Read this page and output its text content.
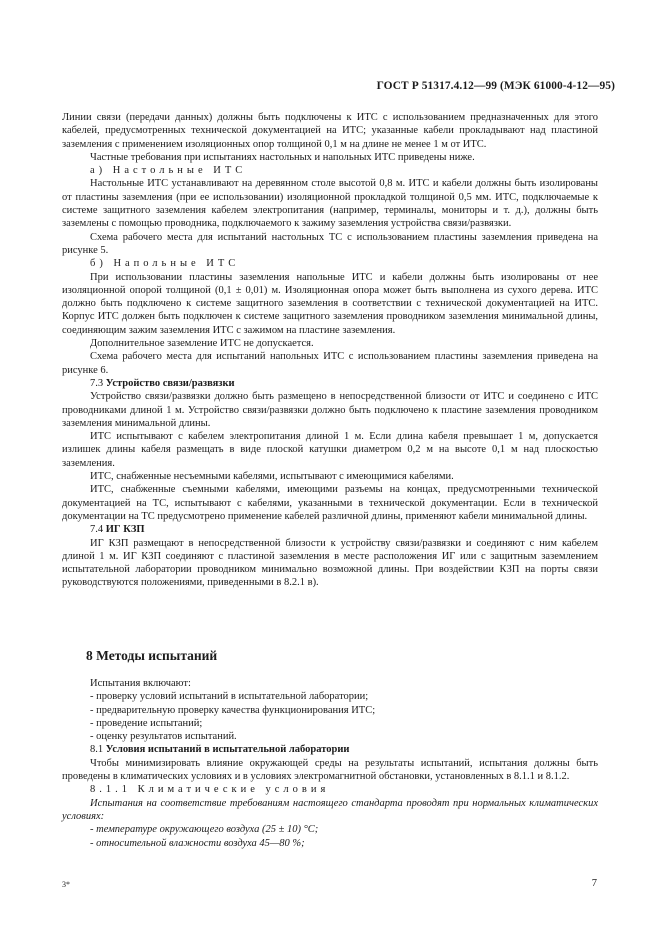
ГОСТ Р 51317.4.12—99 (МЭК 61000-4-12—95)

Линии связи (передачи данных) должны быть подключены к ИТС с использованием предназначенных для этого кабелей, предусмотренных технической документацией на ИТС; указанные кабели прокладывают над пластиной заземления с применением изоляционных опор толщиной 0,1 м на длине не менее 1 м от ИТС.

Частные требования при испытаниях настольных и напольных ИТС приведены ниже.

а) Настольные ИТС

Настольные ИТС устанавливают на деревянном столе высотой 0,8 м. ИТС и кабели должны быть изолированы от пластины заземления (при ее использовании) изоляционной прокладкой толщиной 0,5 мм. ИТС, подключаемые к системе защитного заземления кабелем электропитания (например, терминалы, мониторы и т. д.), должны быть заземлены с помощью проводника, подключаемого к зажиму заземления устройства связи/развязки.

Схема рабочего места для испытаний настольных ТС с использованием пластины заземления приведена на рисунке 5.

б) Напольные ИТС

При использовании пластины заземления напольные ИТС и кабели должны быть изолированы от нее изоляционной опорой толщиной (0,1 ± 0,01) м. Изоляционная опора может быть выполнена из сухого дерева. ИТС должно быть подключено к системе защитного заземления в соответствии с технической документацией на ИТС. Корпус ИТС должен быть подключен к системе защитного заземления проводником заземления минимальной длины, соединяющим зажим заземления ИТС с зажимом на пластине заземления.

Дополнительное заземление ИТС не допускается.

Схема рабочего места для испытаний напольных ИТС с использованием пластины заземления приведена на рисунке 6.

7.3 Устройство связи/развязки

Устройство связи/развязки должно быть размещено в непосредственной близости от ИТС и соединено с ИТС проводниками длиной 1 м. Устройство связи/развязки должно быть подключено к пластине заземления проводником заземления минимальной длины.

ИТС испытывают с кабелем электропитания длиной 1 м. Если длина кабеля превышает 1 м, допускается излишек длины кабеля размещать в виде плоской катушки диаметром 0,2 м на высоте 0,1 м над плоскостью заземления.

ИТС, снабженные несъемными кабелями, испытывают с имеющимися кабелями.

ИТС, снабженные съемными кабелями, имеющими разъемы на концах, предусмотренными технической документацией на ТС, испытывают с кабелями, указанными в технической документации. Если в технической документации на ТС предусмотрено применение кабелей различной длины, применяют кабели минимальной длины.

7.4 ИГ КЗП

ИГ КЗП размещают в непосредственной близости к устройству связи/развязки и соединяют с ним кабелем длиной 1 м. ИГ КЗП соединяют с пластиной заземления в месте расположения ИГ или с защитным заземлением испытательной лаборатории проводником минимально возможной длины. При воздействии КЗП на порты связи руководствуются положениями, приведенными в 8.2.1 в).

8 Методы испытаний

Испытания включают:

- проверку условий испытаний в испытательной лаборатории;

- предварительную проверку качества функционирования ИТС;

- проведение испытаний;

- оценку результатов испытаний.

8.1 Условия испытаний в испытательной лаборатории

Чтобы минимизировать влияние окружающей среды на результаты испытаний, испытания должны быть проведены в климатических условиях и в условиях электромагнитной обстановки, установленных в 8.1.1 и 8.1.2.

8.1.1 Климатические условия

Испытания на соответствие требованиям настоящего стандарта проводят при нормальных климатических условиях:

- температуре окружающего воздуха (25 ± 10) °С;

- относительной влажности воздуха 45—80 %;

3*	7
